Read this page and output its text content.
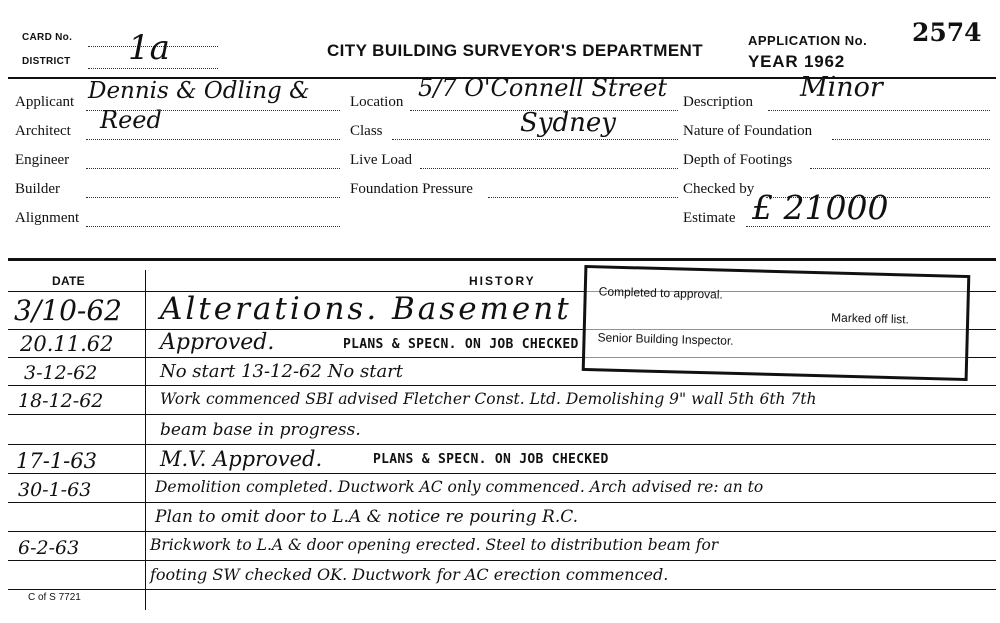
CARD No.
DISTRICT 1a	CITY BUILDING SURVEYOR'S DEPARTMENT
APPLICATION No. 2574
YEAR 1962
Applicant Dennis & Odling &
Architect Reed
Engineer
Builder
Alignment
Location 5/7 O'Connell Street
Class	Sydney
Live Load
Foundation Pressure
Description Minor
Nature of Foundation
Depth of Footings
Checked by
Estimate £ 21000
DATE	HISTORY
3/10-62 Alterations. Basement
20.11.62 Approved.	PLANS & SPECN. ON JOB CHECKED
3-12-62	No start 13-12-62 No start
18-12-62	Work commenced SBI advised Fletcher Const. Ltd. Demolishing 9" wall 5th 6th 7th
beam base in progress.
17-1-63	M.V. Approved.	PLANS & SPECN. ON JOB CHECKED
30-1-63	Demolition completed. Ductwork AC only commenced. Arch advised re: an to
Plan to omit door to L.A & notice re pouring R.C.
6-2-63	Brickwork to L.A & door opening erected. Steel to distribution beam for
footing SW checked OK. Ductwork for AC erection commenced.
Completed to approval.
Marked off list.
Senior Building Inspector.
C of S 7721
